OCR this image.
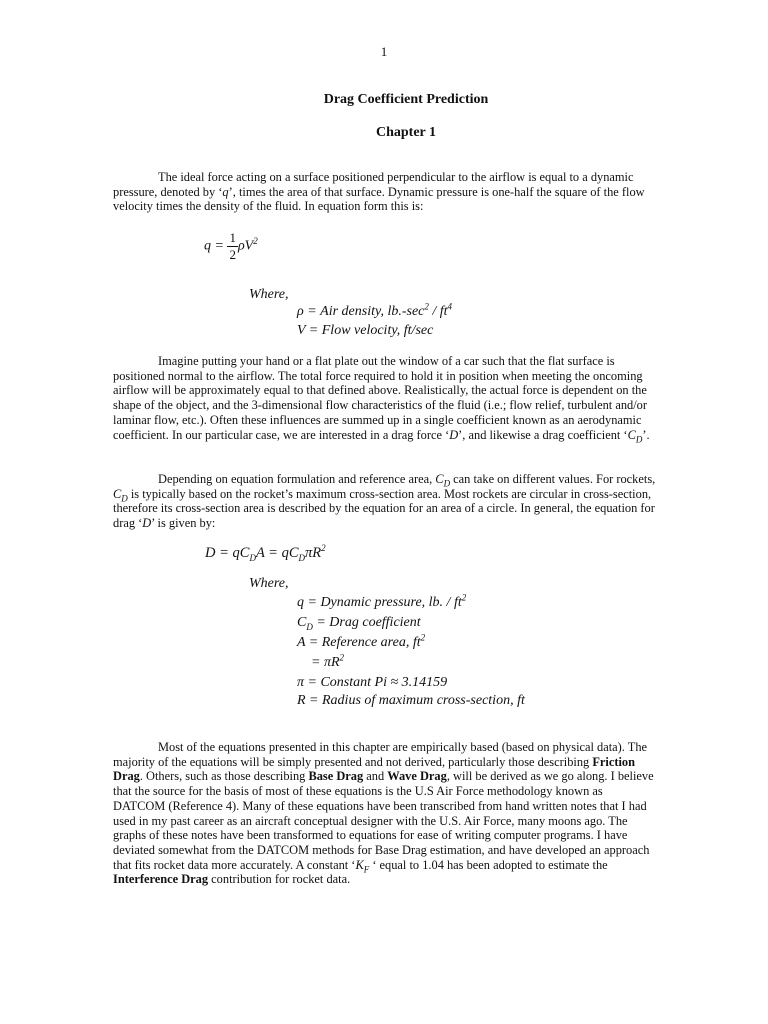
1
Drag Coefficient Prediction
Chapter 1
The ideal force acting on a surface positioned perpendicular to the airflow is equal to a dynamic pressure, denoted by ‘q’, times the area of that surface. Dynamic pressure is one-half the square of the flow velocity times the density of the fluid. In equation form this is:
$q = \frac{1}{2} \rho V^2$
Where,
ρ = Air density, $lb.-\sec^2 / ft^4$
V = Flow velocity, ft/sec
Imagine putting your hand or a flat plate out the window of a car such that the flat surface is positioned normal to the airflow. The total force required to hold it in position when meeting the oncoming airflow will be approximately equal to that defined above. Realistically, the actual force is dependent on the shape of the object, and the 3-dimensional flow characteristics of the fluid (i.e.; flow relief, turbulent and/or laminar flow, etc.). Often these influences are summed up in a single coefficient known as an aerodynamic coefficient. In our particular case, we are interested in a drag force ‘D’, and likewise a drag coefficient ‘$C_D$’.
Depending on equation formulation and reference area, $C_D$ can take on different values. For rockets, $C_D$ is typically based on the rocket’s maximum cross-section area. Most rockets are circular in cross-section, therefore its cross-section area is described by the equation for an area of a circle. In general, the equation for drag ‘D’ is given by:
$D = qC_DA = qC_D\pi R^2$
Where,
q = Dynamic pressure, lb. / $ft^2$
$C_D$ = Drag coefficient
A = Reference area, $ft^2$
= $\pi R^2$
π = Constant Pi ≈ 3.14159
R = Radius of maximum cross-section, ft
Most of the equations presented in this chapter are empirically based (based on physical data). The majority of the equations will be simply presented and not derived, particularly those describing Friction Drag. Others, such as those describing Base Drag and Wave Drag, will be derived as we go along. I believe that the source for the basis of most of these equations is the U.S Air Force methodology known as DATCOM (Reference 4). Many of these equations have been transcribed from hand written notes that I had used in my past career as an aircraft conceptual designer with the U.S. Air Force, many moons ago. The graphs of these notes have been transformed to equations for ease of writing computer programs. I have deviated somewhat from the DATCOM methods for Base Drag estimation, and have developed an approach that fits rocket data more accurately. A constant ‘$K_F$ ‘ equal to 1.04 has been adopted to estimate the Interference Drag contribution for rocket data.
